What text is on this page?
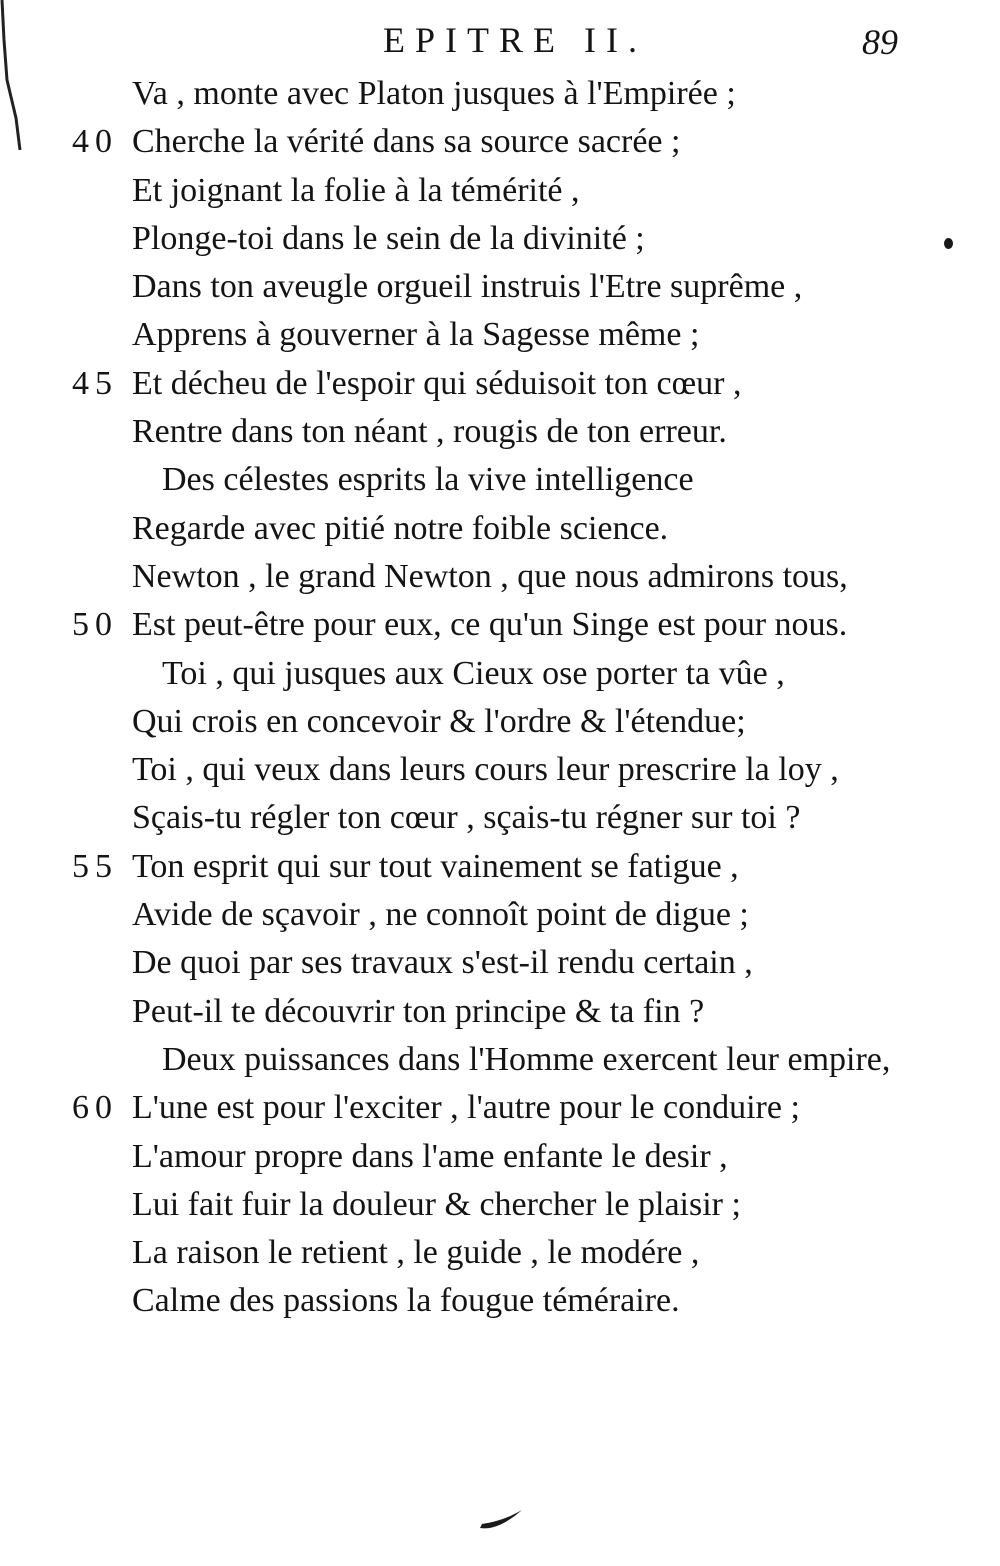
EPITRE II.	89
Va , monte avec Platon jusques à l'Empirée ;
40 Cherche la vérité dans sa source sacrée ;
Et joignant la folie à la témérité ,
Plonge-toi dans le sein de la divinité ;
Dans ton aveugle orgueil instruis l'Etre suprême ,
Apprens à gouverner à la Sagesse même ;
45 Et décheu de l'espoir qui séduisoit ton cœur ,
Rentre dans ton néant , rougis de ton erreur.
Des célestes esprits la vive intelligence
Regarde avec pitié notre foible science.
Newton , le grand Newton , que nous admirons tous,
50 Est peut-être pour eux, ce qu'un Singe est pour nous.
Toi , qui jusques aux Cieux ose porter ta vûe ,
Qui crois en concevoir & l'ordre & l'étendue;
Toi , qui veux dans leurs cours leur prescrire la loy ,
Sçais-tu régler ton cœur , sçais-tu régner sur toi ?
55 Ton esprit qui sur tout vainement se fatigue ,
Avide de sçavoir , ne connoît point de digue ;
De quoi par ses travaux s'est-il rendu certain ,
Peut-il te découvrir ton principe & ta fin ?
Deux puissances dans l'Homme exercent leur empire,
60 L'une est pour l'exciter , l'autre pour le conduire ;
L'amour propre dans l'ame enfante le desir ,
Lui fait fuir la douleur & chercher le plaisir ;
La raison le retient , le guide , le modére ,
Calme des passions la fougue téméraire.
